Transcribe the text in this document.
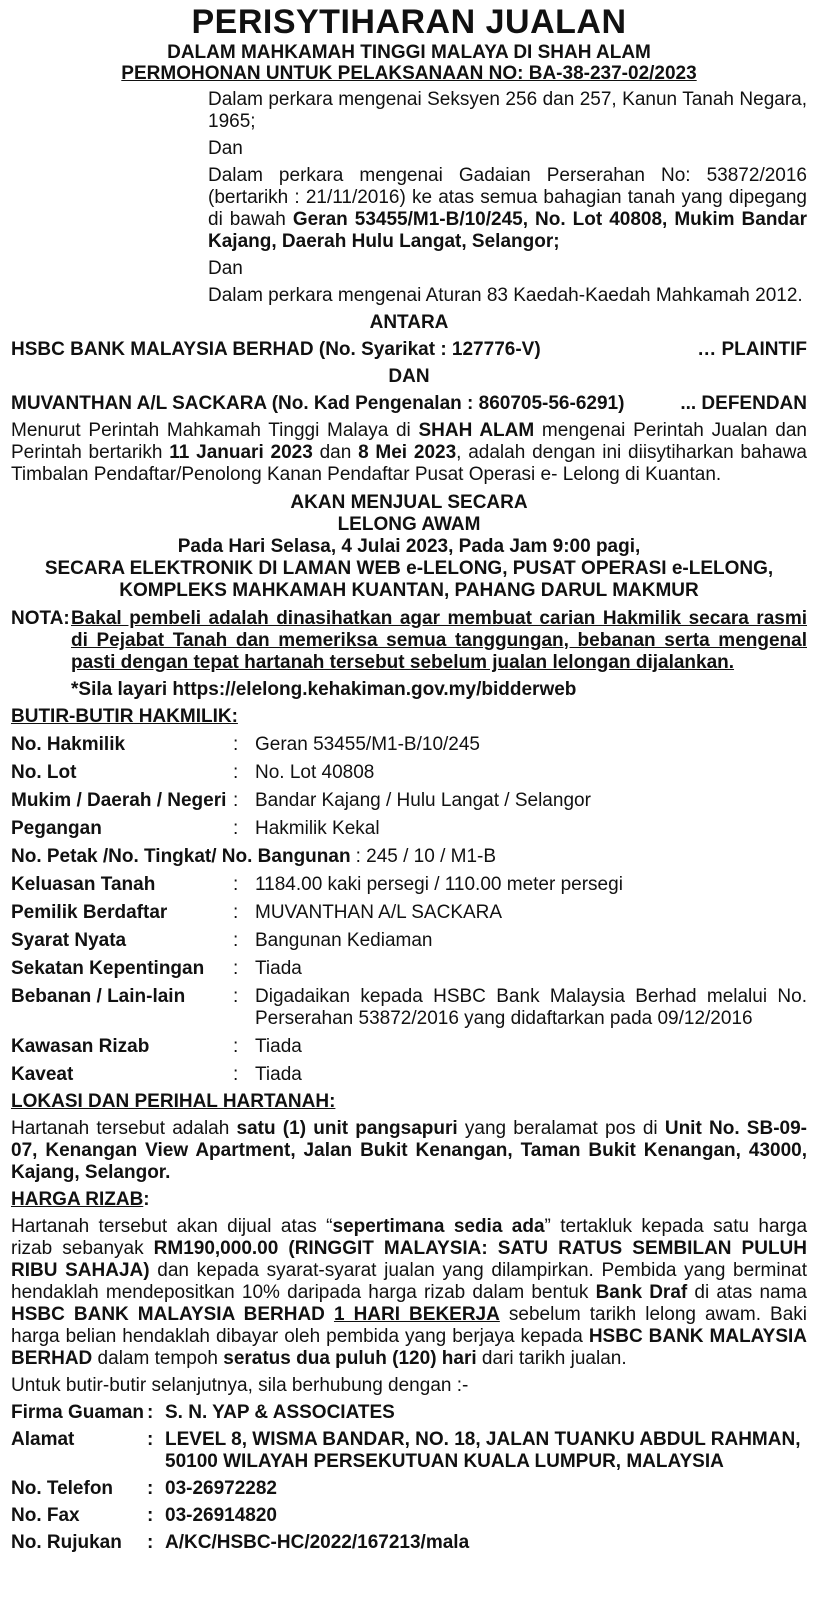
PERISYTIHARAN JUALAN
DALAM MAHKAMAH TINGGI MALAYA DI SHAH ALAM
PERMOHONAN UNTUK PELAKSANAAN NO: BA-38-237-02/2023
Dalam perkara mengenai Seksyen 256 dan 257, Kanun Tanah Negara, 1965;
Dan
Dalam perkara mengenai Gadaian Perserahan No: 53872/2016 (bertarikh : 21/11/2016) ke atas semua bahagian tanah yang dipegang di bawah Geran 53455/M1-B/10/245, No. Lot 40808, Mukim Bandar Kajang, Daerah Hulu Langat, Selangor;
Dan
Dalam perkara mengenai Aturan 83 Kaedah-Kaedah Mahkamah 2012.
ANTARA
HSBC BANK MALAYSIA BERHAD (No. Syarikat : 127776-V)	… PLAINTIF
DAN
MUVANTHAN A/L SACKARA (No. Kad Pengenalan : 860705-56-6291)	... DEFENDAN
Menurut Perintah Mahkamah Tinggi Malaya di SHAH ALAM mengenai Perintah Jualan dan Perintah bertarikh 11 Januari 2023 dan 8 Mei 2023, adalah dengan ini diisytiharkan bahawa Timbalan Pendaftar/Penolong Kanan Pendaftar Pusat Operasi e- Lelong di Kuantan.
AKAN MENJUAL SECARA
LELONG AWAM
Pada Hari Selasa, 4 Julai 2023, Pada Jam 9:00 pagi,
SECARA ELEKTRONIK DI LAMAN WEB e-LELONG, PUSAT OPERASI e-LELONG,
KOMPLEKS MAHKAMAH KUANTAN, PAHANG DARUL MAKMUR
NOTA: Bakal pembeli adalah dinasihatkan agar membuat carian Hakmilik secara rasmi di Pejabat Tanah dan memeriksa semua tanggungan, bebanan serta mengenal pasti dengan tepat hartanah tersebut sebelum jualan lelongan dijalankan.
*Sila layari https://elelong.kehakiman.gov.my/bidderweb
BUTIR-BUTIR HAKMILIK:
No. Hakmilik	: Geran 53455/M1-B/10/245
No. Lot	: No. Lot 40808
Mukim / Daerah / Negeri : Bandar Kajang / Hulu Langat / Selangor
Pegangan	: Hakmilik Kekal
No. Petak /No. Tingkat/ No. Bangunan : 245 / 10 / M1-B
Keluasan Tanah	: 1184.00 kaki persegi / 110.00 meter persegi
Pemilik Berdaftar	: MUVANTHAN A/L SACKARA
Syarat Nyata	: Bangunan Kediaman
Sekatan Kepentingan	: Tiada
Bebanan / Lain-lain	: Digadaikan kepada HSBC Bank Malaysia Berhad melalui No. Perserahan 53872/2016 yang didaftarkan pada 09/12/2016
Kawasan Rizab	: Tiada
Kaveat	: Tiada
LOKASI DAN PERIHAL HARTANAH:
Hartanah tersebut adalah satu (1) unit pangsapuri yang beralamat pos di Unit No. SB-09-07, Kenangan View Apartment, Jalan Bukit Kenangan, Taman Bukit Kenangan, 43000, Kajang, Selangor.
HARGA RIZAB:
Hartanah tersebut akan dijual atas “sepertimana sedia ada” tertakluk kepada satu harga rizab sebanyak RM190,000.00 (RINGGIT MALAYSIA: SATU RATUS SEMBILAN PULUH RIBU SAHAJA) dan kepada syarat-syarat jualan yang dilampirkan. Pembida yang berminat hendaklah mendepositkan 10% daripada harga rizab dalam bentuk Bank Draf di atas nama HSBC BANK MALAYSIA BERHAD 1 HARI BEKERJA sebelum tarikh lelong awam. Baki harga belian hendaklah dibayar oleh pembida yang berjaya kepada HSBC BANK MALAYSIA BERHAD dalam tempoh seratus dua puluh (120) hari dari tarikh jualan.
Untuk butir-butir selanjutnya, sila berhubung dengan :-
Firma Guaman : S. N. YAP & ASSOCIATES
Alamat	: LEVEL 8, WISMA BANDAR, NO. 18, JALAN TUANKU ABDUL RAHMAN, 50100 WILAYAH PERSEKUTUAN KUALA LUMPUR, MALAYSIA
No. Telefon	: 03-26972282
No. Fax	: 03-26914820
No. Rujukan	: A/KC/HSBC-HC/2022/167213/mala
